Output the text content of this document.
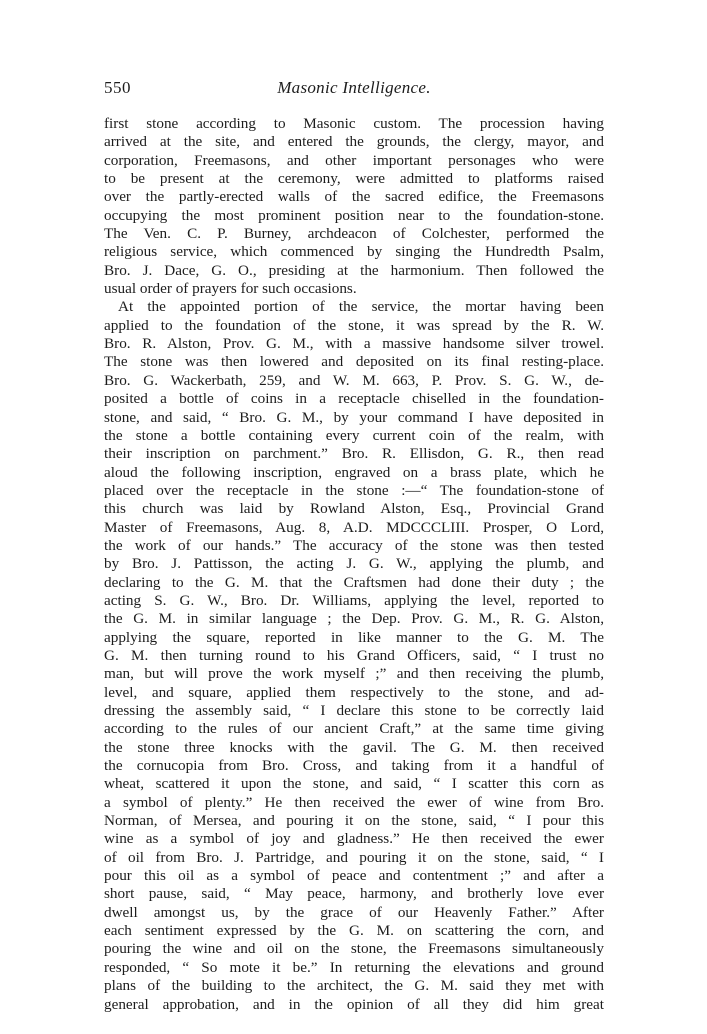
550	Masonic Intelligence.
first stone according to Masonic custom. The procession having
arrived at the site, and entered the grounds, the clergy, mayor, and
corporation, Freemasons, and other important personages who were
to be present at the ceremony, were admitted to platforms raised
over the partly-erected walls of the sacred edifice, the Freemasons
occupying the most prominent position near to the foundation-stone.
The Ven. C. P. Burney, archdeacon of Colchester, performed the
religious service, which commenced by singing the Hundredth Psalm,
Bro. J. Dace, G. O., presiding at the harmonium. Then followed the
usual order of prayers for such occasions.
At the appointed portion of the service, the mortar having been
applied to the foundation of the stone, it was spread by the R. W.
Bro. R. Alston, Prov. G. M., with a massive handsome silver trowel.
The stone was then lowered and deposited on its final resting-place.
Bro. G. Wackerbath, 259, and W. M. 663, P. Prov. S. G. W., de-
posited a bottle of coins in a receptacle chiselled in the foundation-
stone, and said, “ Bro. G. M., by your command I have deposited in
the stone a bottle containing every current coin of the realm, with
their inscription on parchment.” Bro. R. Ellisdon, G. R., then read
aloud the following inscription, engraved on a brass plate, which he
placed over the receptacle in the stone :—“ The foundation-stone of
this church was laid by Rowland Alston, Esq., Provincial Grand
Master of Freemasons, Aug. 8, A.D. MDCCCLIII. Prosper, O Lord,
the work of our hands.” The accuracy of the stone was then tested
by Bro. J. Pattisson, the acting J. G. W., applying the plumb, and
declaring to the G. M. that the Craftsmen had done their duty ; the
acting S. G. W., Bro. Dr. Williams, applying the level, reported to
the G. M. in similar language ; the Dep. Prov. G. M., R. G. Alston,
applying the square, reported in like manner to the G. M. The
G. M. then turning round to his Grand Officers, said, “ I trust no
man, but will prove the work myself ;” and then receiving the plumb,
level, and square, applied them respectively to the stone, and ad-
dressing the assembly said, “ I declare this stone to be correctly laid
according to the rules of our ancient Craft,” at the same time giving
the stone three knocks with the gavil. The G. M. then received
the cornucopia from Bro. Cross, and taking from it a handful of
wheat, scattered it upon the stone, and said, “ I scatter this corn as
a symbol of plenty.” He then received the ewer of wine from Bro.
Norman, of Mersea, and pouring it on the stone, said, “ I pour this
wine as a symbol of joy and gladness.” He then received the ewer
of oil from Bro. J. Partridge, and pouring it on the stone, said, “ I
pour this oil as a symbol of peace and contentment ;” and after a
short pause, said, “ May peace, harmony, and brotherly love ever
dwell amongst us, by the grace of our Heavenly Father.” After
each sentiment expressed by the G. M. on scattering the corn, and
pouring the wine and oil on the stone, the Freemasons simultaneously
responded, “ So mote it be.” In returning the elevations and ground
plans of the building to the architect, the G. M. said they met with
general approbation, and in the opinion of all they did him great
